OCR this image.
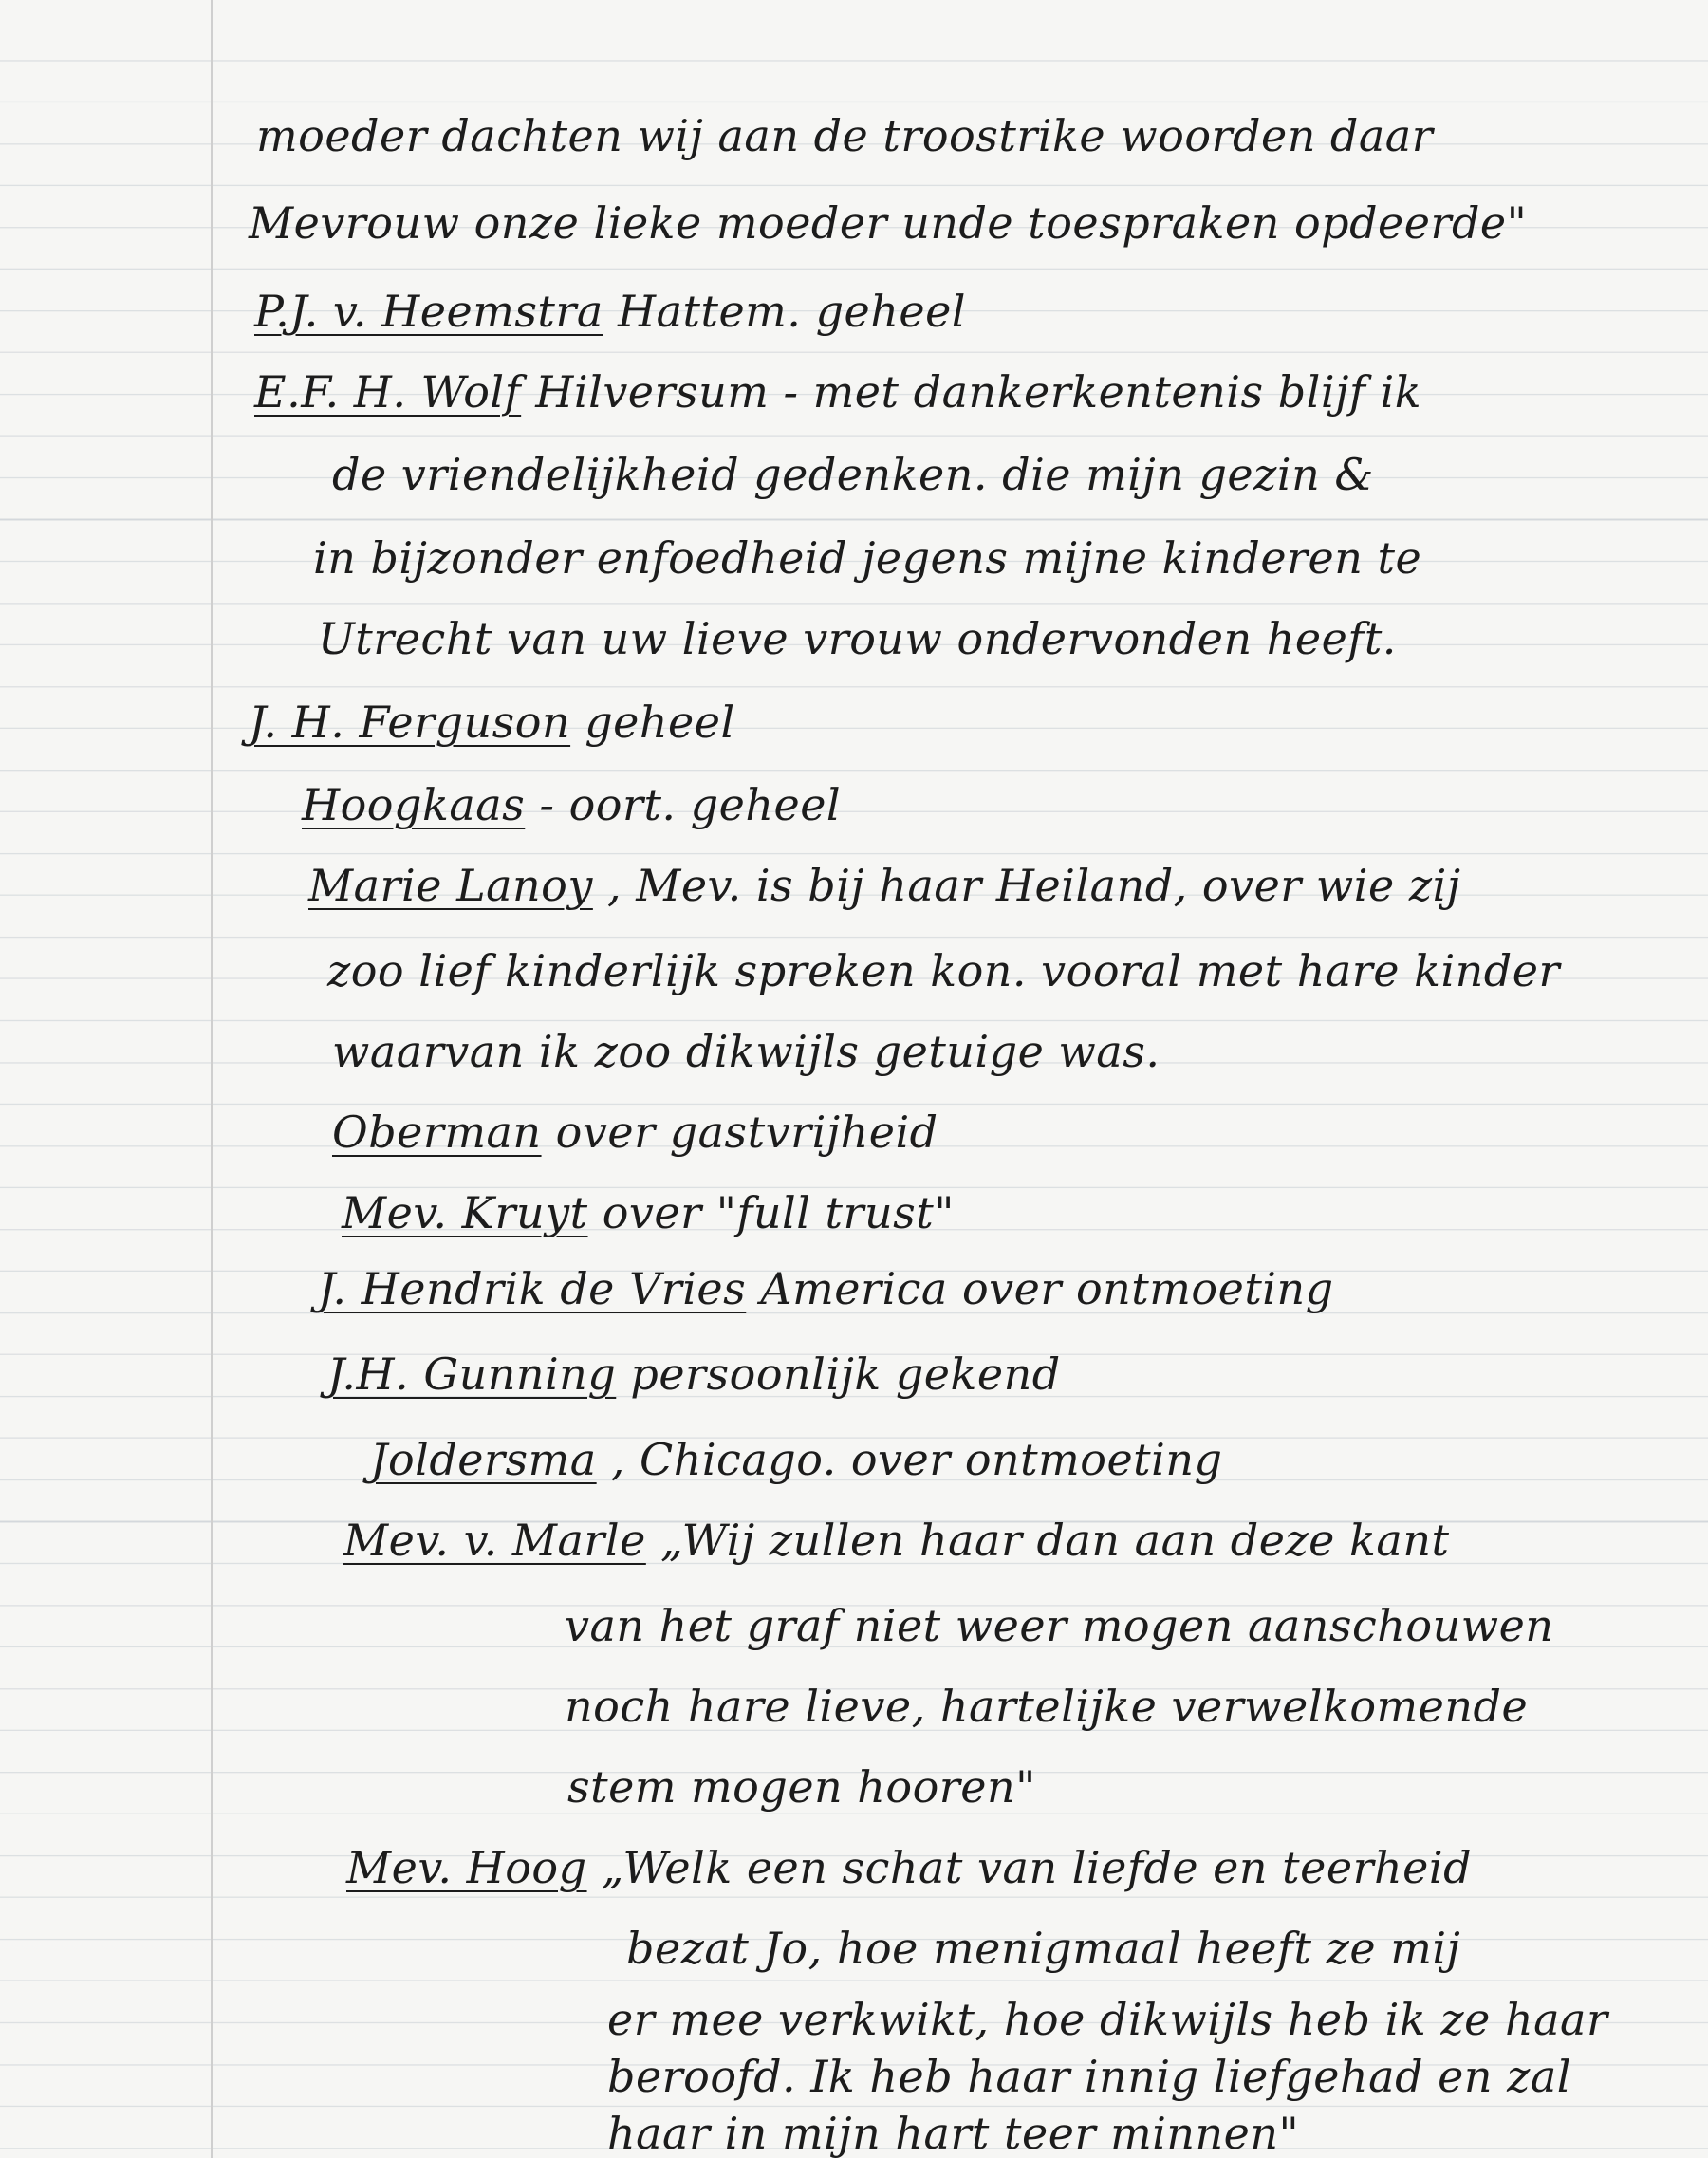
moeder dachten wij aan de troostrike woorden daar
Mevrouw onze lieke moeder unde toespraken opdeerde"
P.J. v. Heemstra Hattem. geheel
E.F. H. Wolf Hilversum - met dankerkentenis blijf ik
de vriendelijkheid gedenken. die mijn gezin &
in bijzonder enfoedheid jegens mijne kinderen te
Utrecht van uw lieve vrouw ondervonden heeft.
J. H. Ferguson geheel
Hoogkaas - oort. geheel
Marie Lanoy , Mev. is bij haar Heiland, over wie zij
zoo lief kinderlijk spreken kon. vooral met hare kinder
waarvan ik zoo dikwijls getuige was.
Oberman over gastvrijheid
Mev. Kruyt over "full trust"
J. Hendrik de Vries America over ontmoeting
J.H. Gunning persoonlijk gekend
Joldersma , Chicago. over ontmoeting
Mev. v. Marle „Wij zullen haar dan aan deze kant
van het graf niet weer mogen aanschouwen
noch hare lieve, hartelijke verwelkomende
stem mogen hooren"
Mev. Hoog „Welk een schat van liefde en teerheid
bezat Jo, hoe menigmaal heeft ze mij
er mee verkwikt, hoe dikwijls heb ik ze haar
beroofd. Ik heb haar innig liefgehad en zal
haar in mijn hart teer minnen"
